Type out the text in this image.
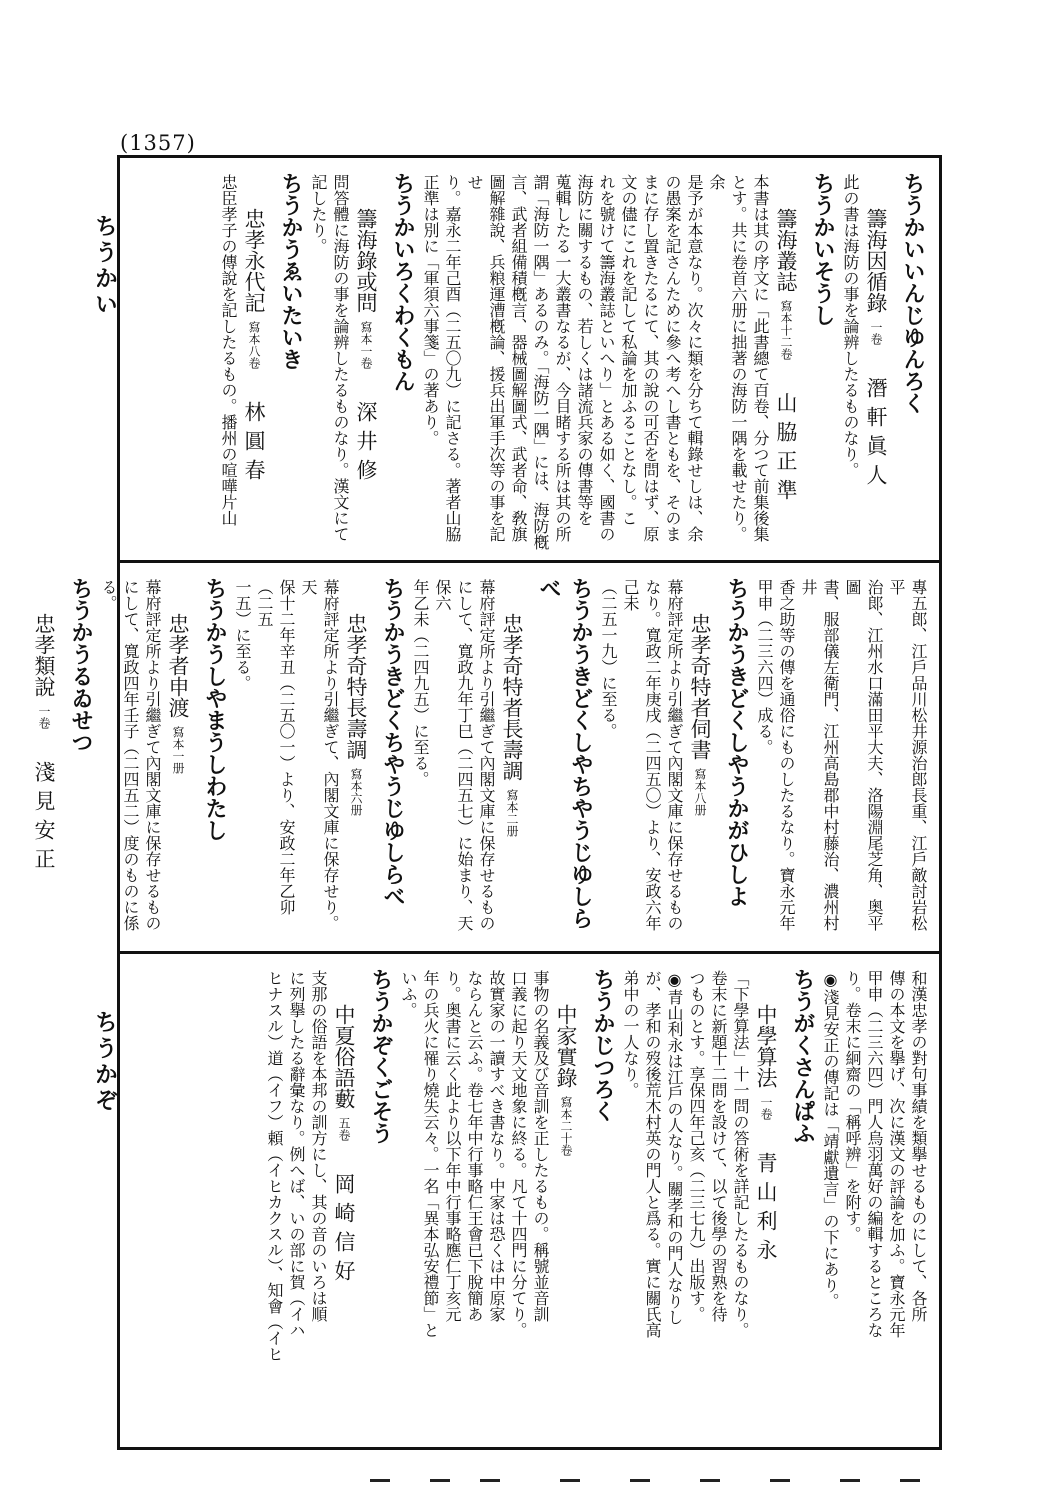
(1357)
ちうかい
ちうかぞ
ちうかいいんじゆんろく
籌海因循錄一卷潛軒眞人
此の書は海防の事を論辨したるものなり。
ちうかいそうし
籌海叢誌寫本十二卷山脇正準
本書は其の序文に「此書總て百卷、分つて前集後集とす。共に卷首六册に拙著の海防一隅を載せたり。余
是予が本意なり。次々に類を分ちて輯錄せしは、余の愚案を記さんために參へ考へし書ともを、そのま
まに存し置きたるにて、其の說の可否を問はず、原文の儘にこれを記して私論を加ふることなし。こ
れを號けて籌海叢誌といへり」とある如く、國書の海防に關するもの、若しくは諸流兵家の傳書等を
蒐輯したる一大叢書なるが、今目睹する所は其の所謂「海防一隅」あるのみ。「海防一隅」には、海防槪
言、武者組備積槪言、器械圖解圖式、武者命、敎旗圖解雜說、兵粮運漕槪論、援兵出軍手次等の事を記せ
り。嘉永二年己酉（二五〇九）に記さる。著者山脇正準は別に「軍須六事箋」の著あり。
ちうかいろくわくもん
籌海錄或問寫本一卷深井修
問答體に海防の事を論辨したるものなり。漢文にて記したり。
ちうかうゑいたいき
忠孝永代記寫本八卷林圓春
忠臣孝子の傳說を記したるもの。播州の喧嘩片山
專五郎、江戶品川松井源治郎長重、江戶敵討岩松平
治郞、江州水口滿田平大夫、洛陽淵尾芝角、奥平圖
書、服部儀左衛門、江州高島郡中村藤治、濃州村井
香之助等の傳を通俗にものしたるなり。寶永元年
甲申（二三六四）成る。
ちうかうきどくしやうかがひしよ
忠孝奇特者伺書寫本八册
幕府評定所より引繼ぎて內閣文庫に保存せるもの
なり。寬政二年庚戌（二四五〇）より、安政六年己未
（二五一九）に至る。
ちうかうきどくしやちやうじゆしらべ
忠孝奇特者長壽調寫本二册
幕府評定所より引繼ぎて內閣文庫に保存せるもの
にして、寬政九年丁巳（二四五七）に始まり、天保六
年乙未（二四九五）に至る。
ちうかうきどくちやうじゆしらべ
忠孝奇特長壽調寫本六册
幕府評定所より引繼ぎて、內閣文庫に保存せり。天
保十二年辛丑（二五〇一）より、安政二年乙卯（二五
一五）に至る。
ちうかうしやまうしわたし
忠孝者申渡寫本一册
幕府評定所より引繼ぎて內閣文庫に保存せるもの
にして、寬政四年壬子（二四五二）度のものに係る。
ちうかうるゐせつ
忠孝類說一卷淺見安正
和漢忠孝の對句事績を類擧せるものにして、各所
傳の本文を擧げ、次に漢文の評論を加ふ。寶永元年
甲申（二三六四）門人烏羽萬好の編輯するところな
り。卷末に絅齋の「稱呼辨」を附す。
◉淺見安正の傳記は「靖獻遺言」の下にあり。
ちうがくさんぱふ
中學算法一卷青山利永
「下學算法」十一問の答術を詳記したるものなり。
卷末に新題十二問を設けて、以て後學の習熟を待
つものとす。享保四年己亥（二三七九）出版す。
◉青山利永は江戶の人なり。關孝和の門人なりし
が、孝和の歿後荒木村英の門人と爲る。實に關氏高
弟中の一人なり。
ちうかじつろく
中家實錄寫本二十卷
事物の名義及び音訓を正したるもの。稱號並音訓
口義に起り天文地象に終る。凡て十四門に分てり。
故實家の一讀すべき書なり。中家は恐くは中原家
ならんと云ふ。卷七年中行事略仁王會已下脫簡あ
り。奥書に云く此より以下年中行事略應仁丁亥元
年の兵火に罹り燒失云々。一名「異本弘安禮節」と
いふ。
ちうかぞくごそう
中夏俗語藪五卷岡崎信好
支那の俗語を本邦の訓方にし、其の音のいろは順
に列擧したる辭彙なり。例へば、いの部に賀（イハ
ヒナスル）道（イフ）頼（イヒカクスル）、知會（イヒ
